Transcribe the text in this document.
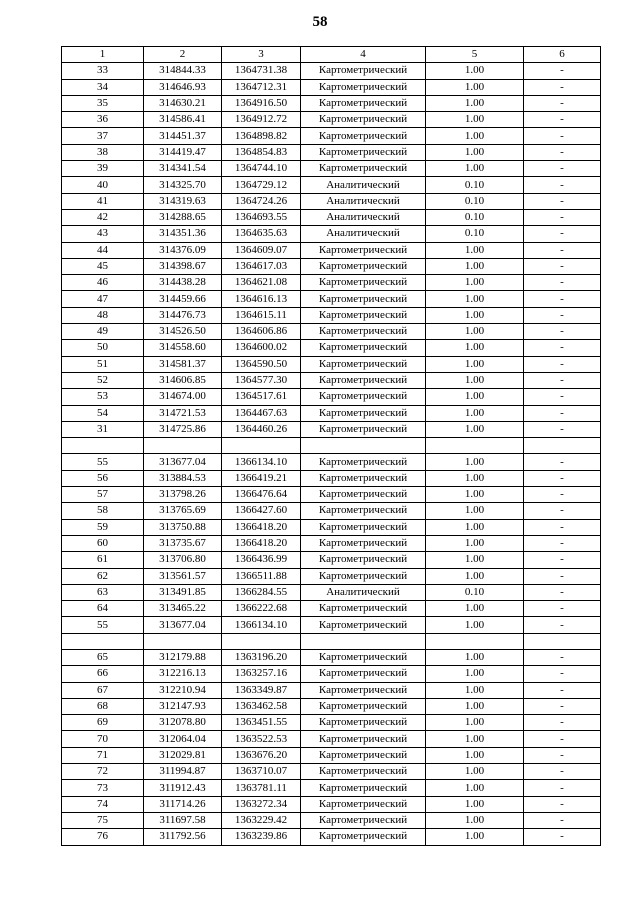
58
1	2	3	4	5	6
33	314844.33	1364731.38	Картометрический	1.00	-
34	314646.93	1364712.31	Картометрический	1.00	-
35	314630.21	1364916.50	Картометрический	1.00	-
36	314586.41	1364912.72	Картометрический	1.00	-
37	314451.37	1364898.82	Картометрический	1.00	-
38	314419.47	1364854.83	Картометрический	1.00	-
39	314341.54	1364744.10	Картометрический	1.00	-
40	314325.70	1364729.12	Аналитический	0.10	-
41	314319.63	1364724.26	Аналитический	0.10	-
42	314288.65	1364693.55	Аналитический	0.10	-
43	314351.36	1364635.63	Аналитический	0.10	-
44	314376.09	1364609.07	Картометрический	1.00	-
45	314398.67	1364617.03	Картометрический	1.00	-
46	314438.28	1364621.08	Картометрический	1.00	-
47	314459.66	1364616.13	Картометрический	1.00	-
48	314476.73	1364615.11	Картометрический	1.00	-
49	314526.50	1364606.86	Картометрический	1.00	-
50	314558.60	1364600.02	Картометрический	1.00	-
51	314581.37	1364590.50	Картометрический	1.00	-
52	314606.85	1364577.30	Картометрический	1.00	-
53	314674.00	1364517.61	Картометрический	1.00	-
54	314721.53	1364467.63	Картометрический	1.00	-
31	314725.86	1364460.26	Картометрический	1.00	-

55	313677.04	1366134.10	Картометрический	1.00	-
56	313884.53	1366419.21	Картометрический	1.00	-
57	313798.26	1366476.64	Картометрический	1.00	-
58	313765.69	1366427.60	Картометрический	1.00	-
59	313750.88	1366418.20	Картометрический	1.00	-
60	313735.67	1366418.20	Картометрический	1.00	-
61	313706.80	1366436.99	Картометрический	1.00	-
62	313561.57	1366511.88	Картометрический	1.00	-
63	313491.85	1366284.55	Аналитический	0.10	-
64	313465.22	1366222.68	Картометрический	1.00	-
55	313677.04	1366134.10	Картометрический	1.00	-

65	312179.88	1363196.20	Картометрический	1.00	-
66	312216.13	1363257.16	Картометрический	1.00	-
67	312210.94	1363349.87	Картометрический	1.00	-
68	312147.93	1363462.58	Картометрический	1.00	-
69	312078.80	1363451.55	Картометрический	1.00	-
70	312064.04	1363522.53	Картометрический	1.00	-
71	312029.81	1363676.20	Картометрический	1.00	-
72	311994.87	1363710.07	Картометрический	1.00	-
73	311912.43	1363781.11	Картометрический	1.00	-
74	311714.26	1363272.34	Картометрический	1.00	-
75	311697.58	1363229.42	Картометрический	1.00	-
76	311792.56	1363239.86	Картометрический	1.00	-
